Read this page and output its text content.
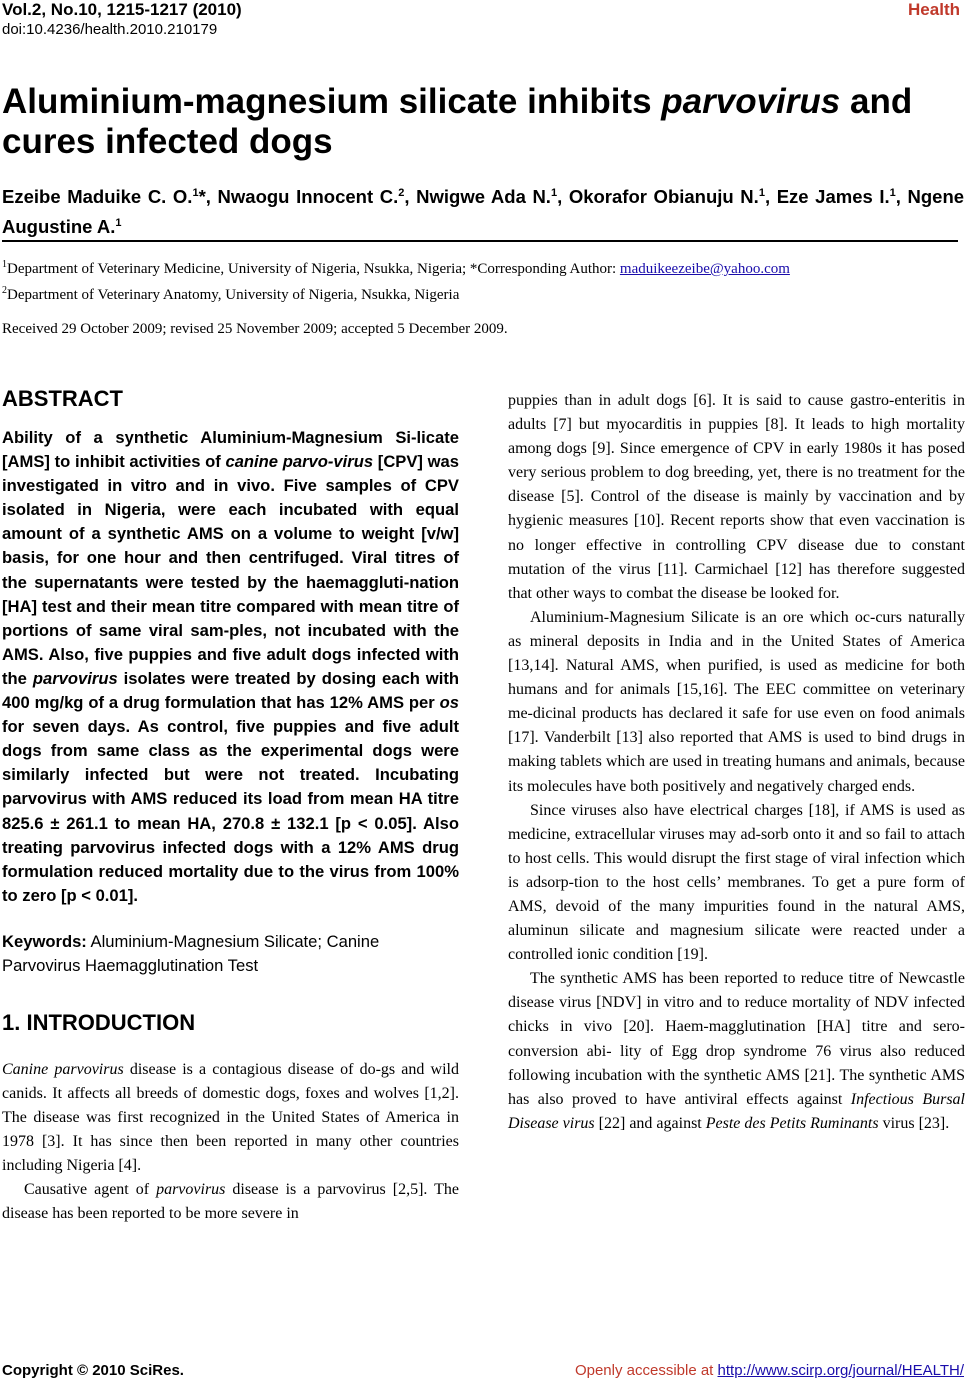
Vol.2, No.10, 1215-1217 (2010)
doi:10.4236/health.2010.210179
Health
Aluminium-magnesium silicate inhibits parvovirus and cures infected dogs
Ezeibe Maduike C. O.$^1$*, Nwaogu Innocent C.$^2$, Nwigwe Ada N.$^1$, Okorafor Obianuju N.$^1$, Eze James I.$^1$, Ngene Augustine A.$^1$
$^1$Department of Veterinary Medicine, University of Nigeria, Nsukka, Nigeria; *Corresponding Author: maduikeezeibe@yahoo.com
$^2$Department of Veterinary Anatomy, University of Nigeria, Nsukka, Nigeria
Received 29 October 2009; revised 25 November 2009; accepted 5 December 2009.
ABSTRACT
Ability of a synthetic Aluminium-Magnesium Si-licate [AMS] to inhibit activities of canine parvo-virus [CPV] was investigated in vitro and in vivo. Five samples of CPV isolated in Nigeria, were each incubated with equal amount of a synthetic AMS on a volume to weight [v/w] basis, for one hour and then centrifuged. Viral titres of the supernatants were tested by the haemaggluti-nation [HA] test and their mean titre compared with mean titre of portions of same viral sam-ples, not incubated with the AMS. Also, five puppies and five adult dogs infected with the parvovirus isolates were treated by dosing each with 400 mg/kg of a drug formulation that has 12% AMS per os for seven days. As control, five puppies and five adult dogs from same class as the experimental dogs were similarly infected but were not treated. Incubating parvovirus with AMS reduced its load from mean HA titre 825.6 ± 261.1 to mean HA, 270.8 ± 132.1 [p < 0.05]. Also treating parvovirus infected dogs with a 12% AMS drug formulation reduced mortality due to the virus from 100% to zero [p < 0.01].
Keywords: Aluminium-Magnesium Silicate; Canine Parvovirus Haemagglutination Test
1. INTRODUCTION

Canine parvovirus disease is a contagious disease of do-gs and wild canids. It affects all breeds of domestic dogs, foxes and wolves [1,2]. The disease was first recognized in the United States of America in 1978 [3]. It has since then been reported in many other countries including Nigeria [4].

Causative agent of parvovirus disease is a parvovirus [2,5]. The disease has been reported to be more severe in

puppies than in adult dogs [6]. It is said to cause gastro-enteritis in adults [7] but myocarditis in puppies [8]. It leads to high mortality among dogs [9]. Since emergence of CPV in early 1980s it has posed very serious problem to dog breeding, yet, there is no treatment for the disease [5]. Control of the disease is mainly by vaccination and by hygienic measures [10]. Recent reports show that even vaccination is no longer effective in controlling CPV disease due to constant mutation of the virus [11]. Carmichael [12] has therefore suggested that other ways to combat the disease be looked for.

Aluminium-Magnesium Silicate is an ore which oc-curs naturally as mineral deposits in India and in the United States of America [13,14]. Natural AMS, when purified, is used as medicine for both humans and for animals [15,16]. The EEC committee on veterinary me-dicinal products has declared it safe for use even on food animals [17]. Vanderbilt [13] also reported that AMS is used to bind drugs in making tablets which are used in treating humans and animals, because its molecules have both positively and negatively charged ends.

Since viruses also have electrical charges [18], if AMS is used as medicine, extracellular viruses may ad-sorb onto it and so fail to attach to host cells. This would disrupt the first stage of viral infection which is adsorp-tion to the host cells’ membranes. To get a pure form of AMS, devoid of the many impurities found in the natural AMS, aluminun silicate and magnesium silicate were reacted under a controlled ionic condition [19].

The synthetic AMS has been reported to reduce titre of Newcastle disease virus [NDV] in vitro and to reduce mortality of NDV infected chicks in vivo [20]. Haem-magglutination [HA] titre and sero-conversion abi- lity of Egg drop syndrome 76 virus also reduced following incubation with the synthetic AMS [21]. The synthetic AMS has also proved to have antiviral effects against Infectious Bursal Disease virus [22] and against Peste des Petits Ruminants virus [23].

Copyright © 2010 SciRes.	Openly accessible at http://www.scirp.org/journal/HEALTH/
